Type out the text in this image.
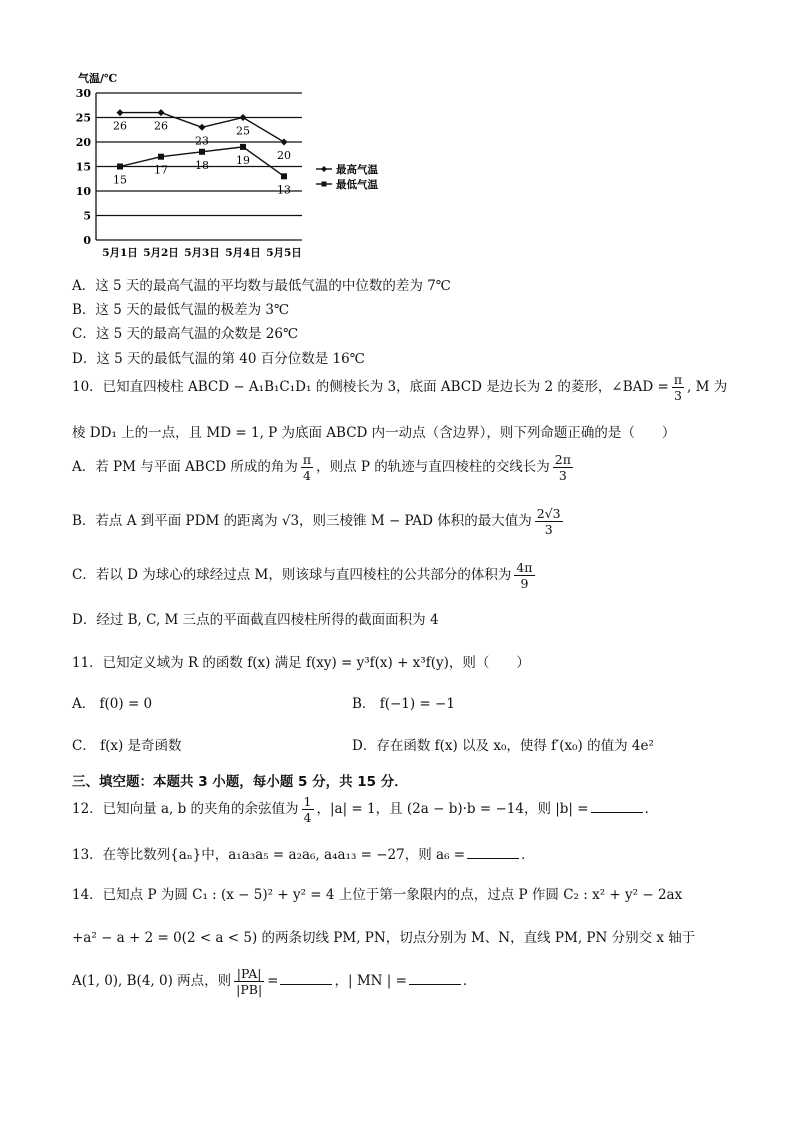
气温/℃
0
5
10
15
20
25
30
5月1日 5月2日 5月3日 5月4日 5月5日
26 26
23
25
20
15
17 18 19
13
最高气温
最低气温
A．这 5 天的最高气温的平均数与最低气温的中位数的差为 7℃
B．这 5 天的最低气温的极差为 3℃
C．这 5 天的最高气温的众数是 26℃
D．这 5 天的最低气温的第 40 百分位数是 16℃
10．已知直四棱柱 ABCD − A₁B₁C₁D₁ 的侧棱长为 3，底面 ABCD 是边长为 2 的菱形，∠BAD = $\frac{\pi}{3}$ , M 为
棱 DD₁ 上的一点，且 MD = 1, P 为底面 ABCD 内一动点（含边界），则下列命题正确的是（　　）
A．若 PM 与平面 ABCD 所成的角为 $\frac{\pi}{4}$ ，则点 P 的轨迹与直四棱柱的交线长为 $\frac{2\pi}{3}$
B．若点 A 到平面 PDM 的距离为 √3，则三棱锥 M − PAD 体积的最大值为 $\frac{2√3}{3}$
C．若以 D 为球心的球经过点 M，则该球与直四棱柱的公共部分的体积为 $\frac{4\pi}{9}$
D．经过 B, C, M 三点的平面截直四棱柱所得的截面面积为 4
11．已知定义域为 R 的函数 f(x) 满足 f(xy) = y³f(x) + x³f(y)，则（　　）
A． f(0) = 0	B． f(−1) = −1
C． f(x) 是奇函数	D．存在函数 f(x) 以及 x₀，使得 f′(x₀) 的值为 4e²
三、填空题：本题共 3 小题，每小题 5 分，共 15 分．
12．已知向量 a, b 的夹角的余弦值为 $\frac{1}{4}$ ，|a| = 1，且 (2a − b)·b = −14，则 |b| =	．
13．在等比数列{aₙ}中，a₁a₃a₅ = a₂a₆, a₄a₁₃ = −27，则 a₆ =	．
14．已知点 P 为圆 C₁ : (x − 5)² + y² = 4 上位于第一象限内的点，过点 P 作圆 C₂ : x² + y² − 2ax
+a² − a + 2 = 0(2 < a < 5) 的两条切线 PM, PN，切点分别为 M、N，直线 PM, PN 分别交 x 轴于
A(1, 0), B(4, 0) 两点，则 $\frac{|PA|}{|PB|}$ =	，| MN | =	．
